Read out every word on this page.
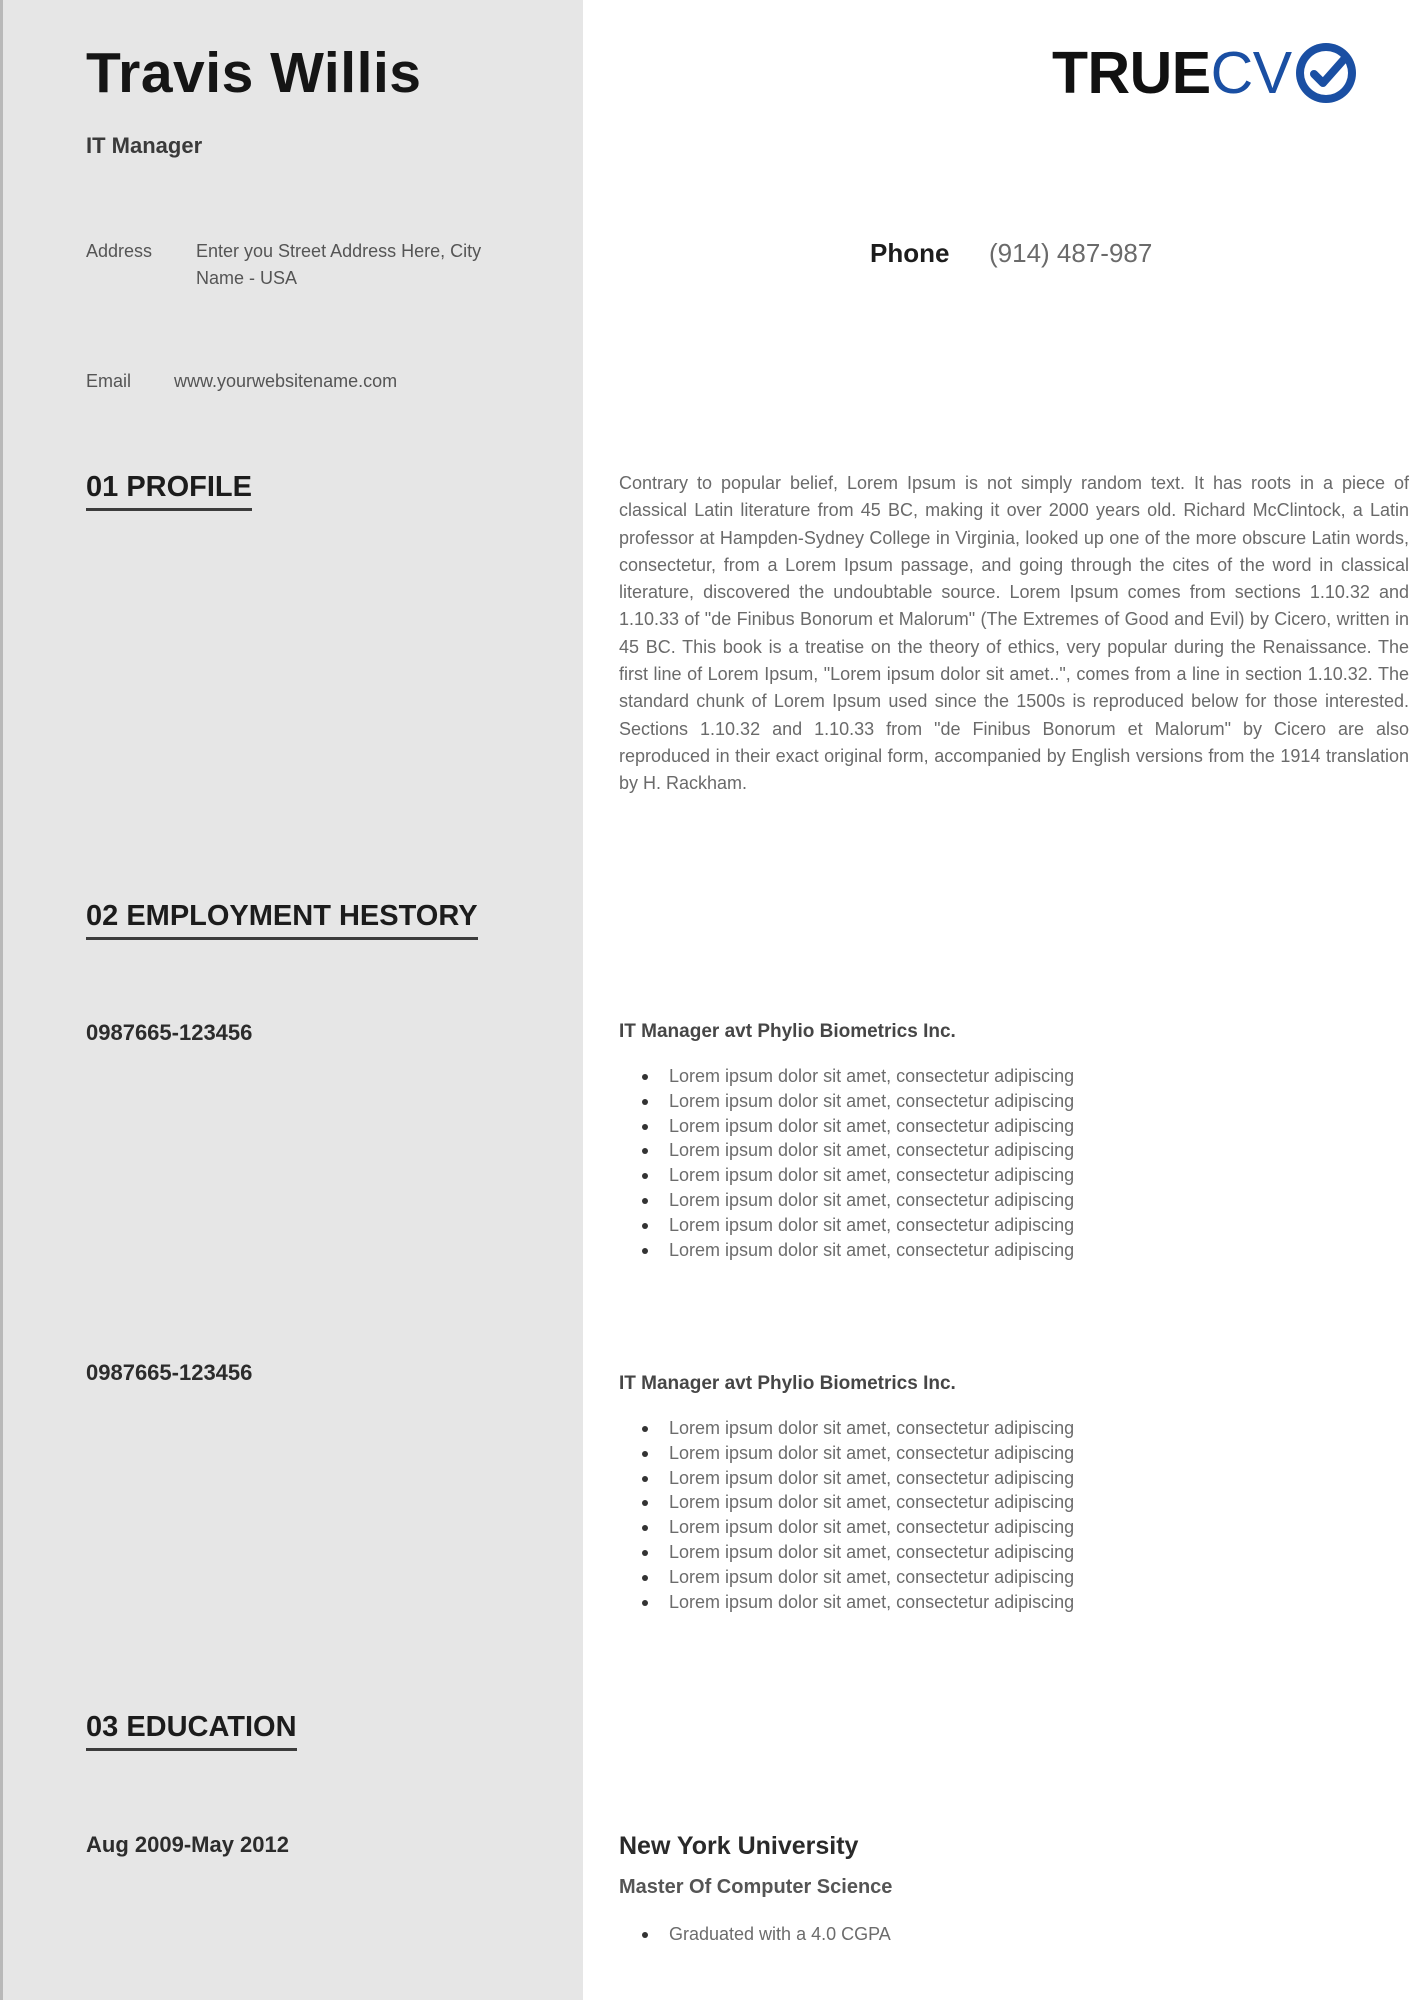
Travis Willis
IT Manager
TRUE CV
Address Enter you Street Address Here, City Name - USA
Email www.yourwebsitename.com
Phone (914) 487-987
01 PROFILE	Contrary to popular belief, Lorem Ipsum is not simply random text. It has roots in a piece of classical Latin literature from 45 BC, making it over 2000 years old. Richard McClintock, a Latin professor at Hampden-Sydney College in Virginia, looked up one of the more obscure Latin words, consectetur, from a Lorem Ipsum passage, and going through the cites of the word in classical literature, discovered the undoubtable source. Lorem Ipsum comes from sections 1.10.32 and 1.10.33 of "de Finibus Bonorum et Malorum" (The Extremes of Good and Evil) by Cicero, written in 45 BC. This book is a treatise on the theory of ethics, very popular during the Renaissance. The first line of Lorem Ipsum, "Lorem ipsum dolor sit amet..", comes from a line in section 1.10.32. The standard chunk of Lorem Ipsum used since the 1500s is reproduced below for those interested. Sections 1.10.32 and 1.10.33 from "de Finibus Bonorum et Malorum" by Cicero are also reproduced in their exact original form, accompanied by English versions from the 1914 translation by H. Rackham.
02 EMPLOYMENT HESTORY
0987665-123456	IT Manager avt Phylio Biometrics Inc.
Lorem ipsum dolor sit amet, consectetur adipiscing
Lorem ipsum dolor sit amet, consectetur adipiscing
Lorem ipsum dolor sit amet, consectetur adipiscing
Lorem ipsum dolor sit amet, consectetur adipiscing
Lorem ipsum dolor sit amet, consectetur adipiscing
Lorem ipsum dolor sit amet, consectetur adipiscing
Lorem ipsum dolor sit amet, consectetur adipiscing
Lorem ipsum dolor sit amet, consectetur adipiscing
0987665-123456	IT Manager avt Phylio Biometrics Inc.
Lorem ipsum dolor sit amet, consectetur adipiscing
Lorem ipsum dolor sit amet, consectetur adipiscing
Lorem ipsum dolor sit amet, consectetur adipiscing
Lorem ipsum dolor sit amet, consectetur adipiscing
Lorem ipsum dolor sit amet, consectetur adipiscing
Lorem ipsum dolor sit amet, consectetur adipiscing
Lorem ipsum dolor sit amet, consectetur adipiscing
Lorem ipsum dolor sit amet, consectetur adipiscing
03 EDUCATION
Aug 2009-May 2012	New York University
Master Of Computer Science
Graduated with a 4.0 CGPA
